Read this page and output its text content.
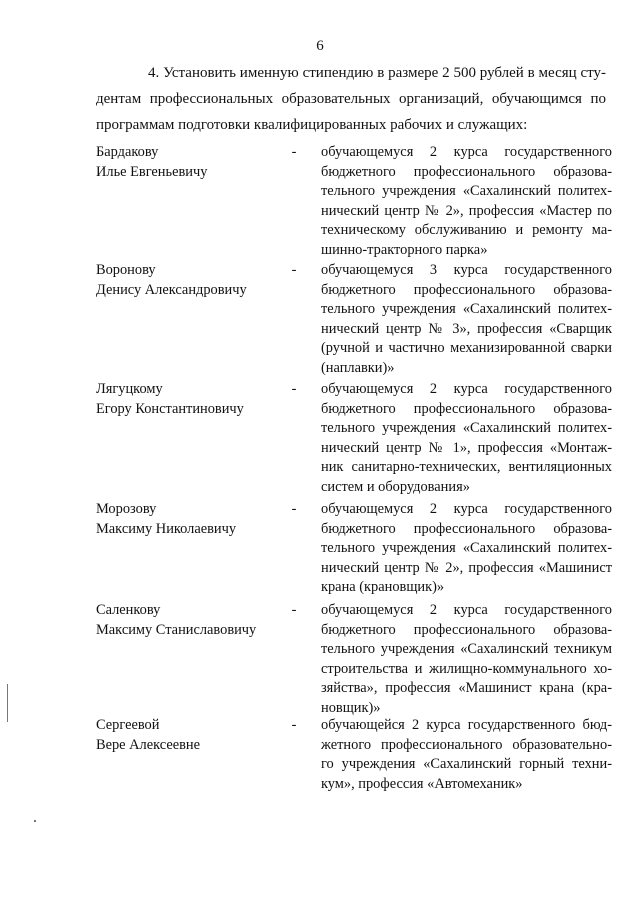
6
4. Установить именную стипендию в размере 2 500 рублей в месяц сту-
дентам профессиональных образовательных организаций, обучающимся по
программам подготовки квалифицированных рабочих и служащих:
Бардакову
Илье Евгеньевичу
- обучающемуся 2 курса государственного
бюджетного профессионального образова-
тельного учреждения «Сахалинский политех-
нический центр № 2», профессия «Мастер по
техническому обслуживанию и ремонту ма-
шинно-тракторного парка»
Воронову
Денису Александровичу
- обучающемуся 3 курса государственного
бюджетного профессионального образова-
тельного учреждения «Сахалинский политех-
нический центр № 3», профессия «Сварщик
(ручной и частично механизированной сварки
(наплавки)»
Лягуцкому
Егору Константиновичу
- обучающемуся 2 курса государственного
бюджетного профессионального образова-
тельного учреждения «Сахалинский политех-
нический центр № 1», профессия «Монтаж-
ник санитарно-технических, вентиляционных
систем и оборудования»
Морозову
Максиму Николаевичу
- обучающемуся 2 курса государственного
бюджетного профессионального образова-
тельного учреждения «Сахалинский политех-
нический центр № 2», профессия «Машинист
крана (крановщик)»
Саленкову
Максиму Станиславовичу
- обучающемуся 2 курса государственного
бюджетного профессионального образова-
тельного учреждения «Сахалинский техникум
строительства и жилищно-коммунального хо-
зяйства», профессия «Машинист крана (кра-
новщик)»
Сергеевой
Вере Алексеевне
- обучающейся 2 курса государственного бюд-
жетного профессионального образовательно-
го учреждения «Сахалинский горный техни-
кум», профессия «Автомеханик»
